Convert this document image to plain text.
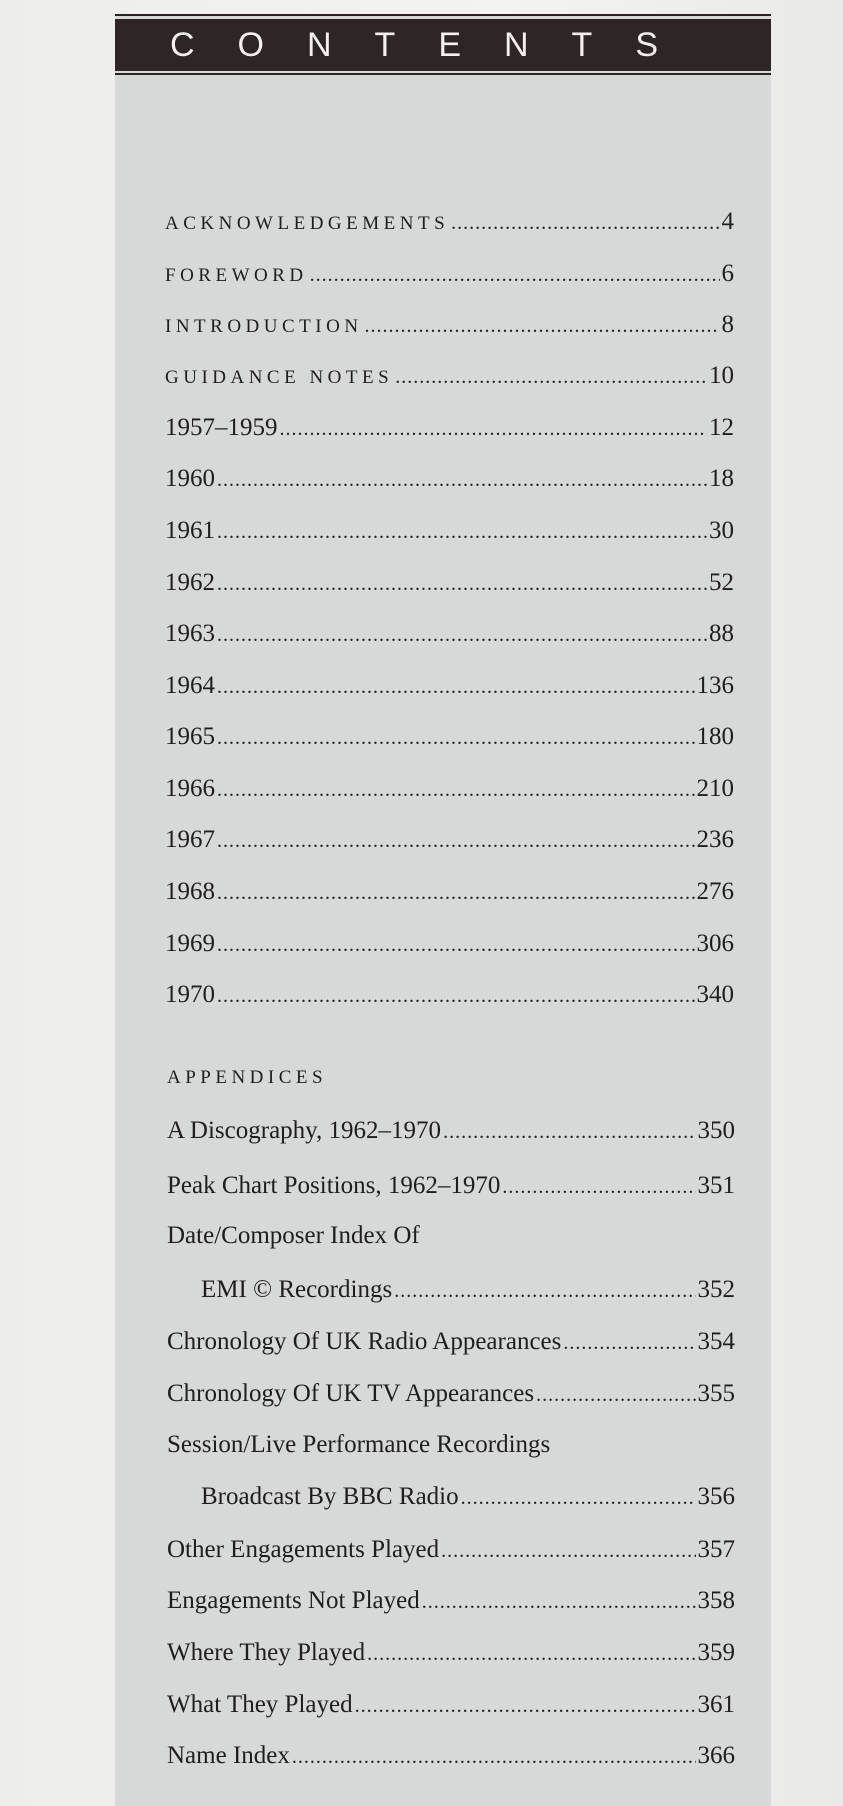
CONTENTS
ACKNOWLEDGEMENTS .....	4
FOREWORD .....	6
INTRODUCTION .....	8
GUIDANCE NOTES .....	10
1957–1959 .....	12
1960 .....	18
1961 .....	30
1962 .....	52
1963 .....	88
1964 .....	136
1965 .....	180
1966 .....	210
1967 .....	236
1968 .....	276
1969 .....	306
1970 .....	340
APPENDICES
A Discography, 1962–1970 .....	350
Peak Chart Positions, 1962–1970 .....	351
Date/Composer Index Of
EMI © Recordings .....	352
Chronology Of UK Radio Appearances .....	354
Chronology Of UK TV Appearances .....	355
Session/Live Performance Recordings
Broadcast By BBC Radio .....	356
Other Engagements Played .....	357
Engagements Not Played .....	358
Where They Played .....	359
What They Played .....	361
Name Index .....	366
